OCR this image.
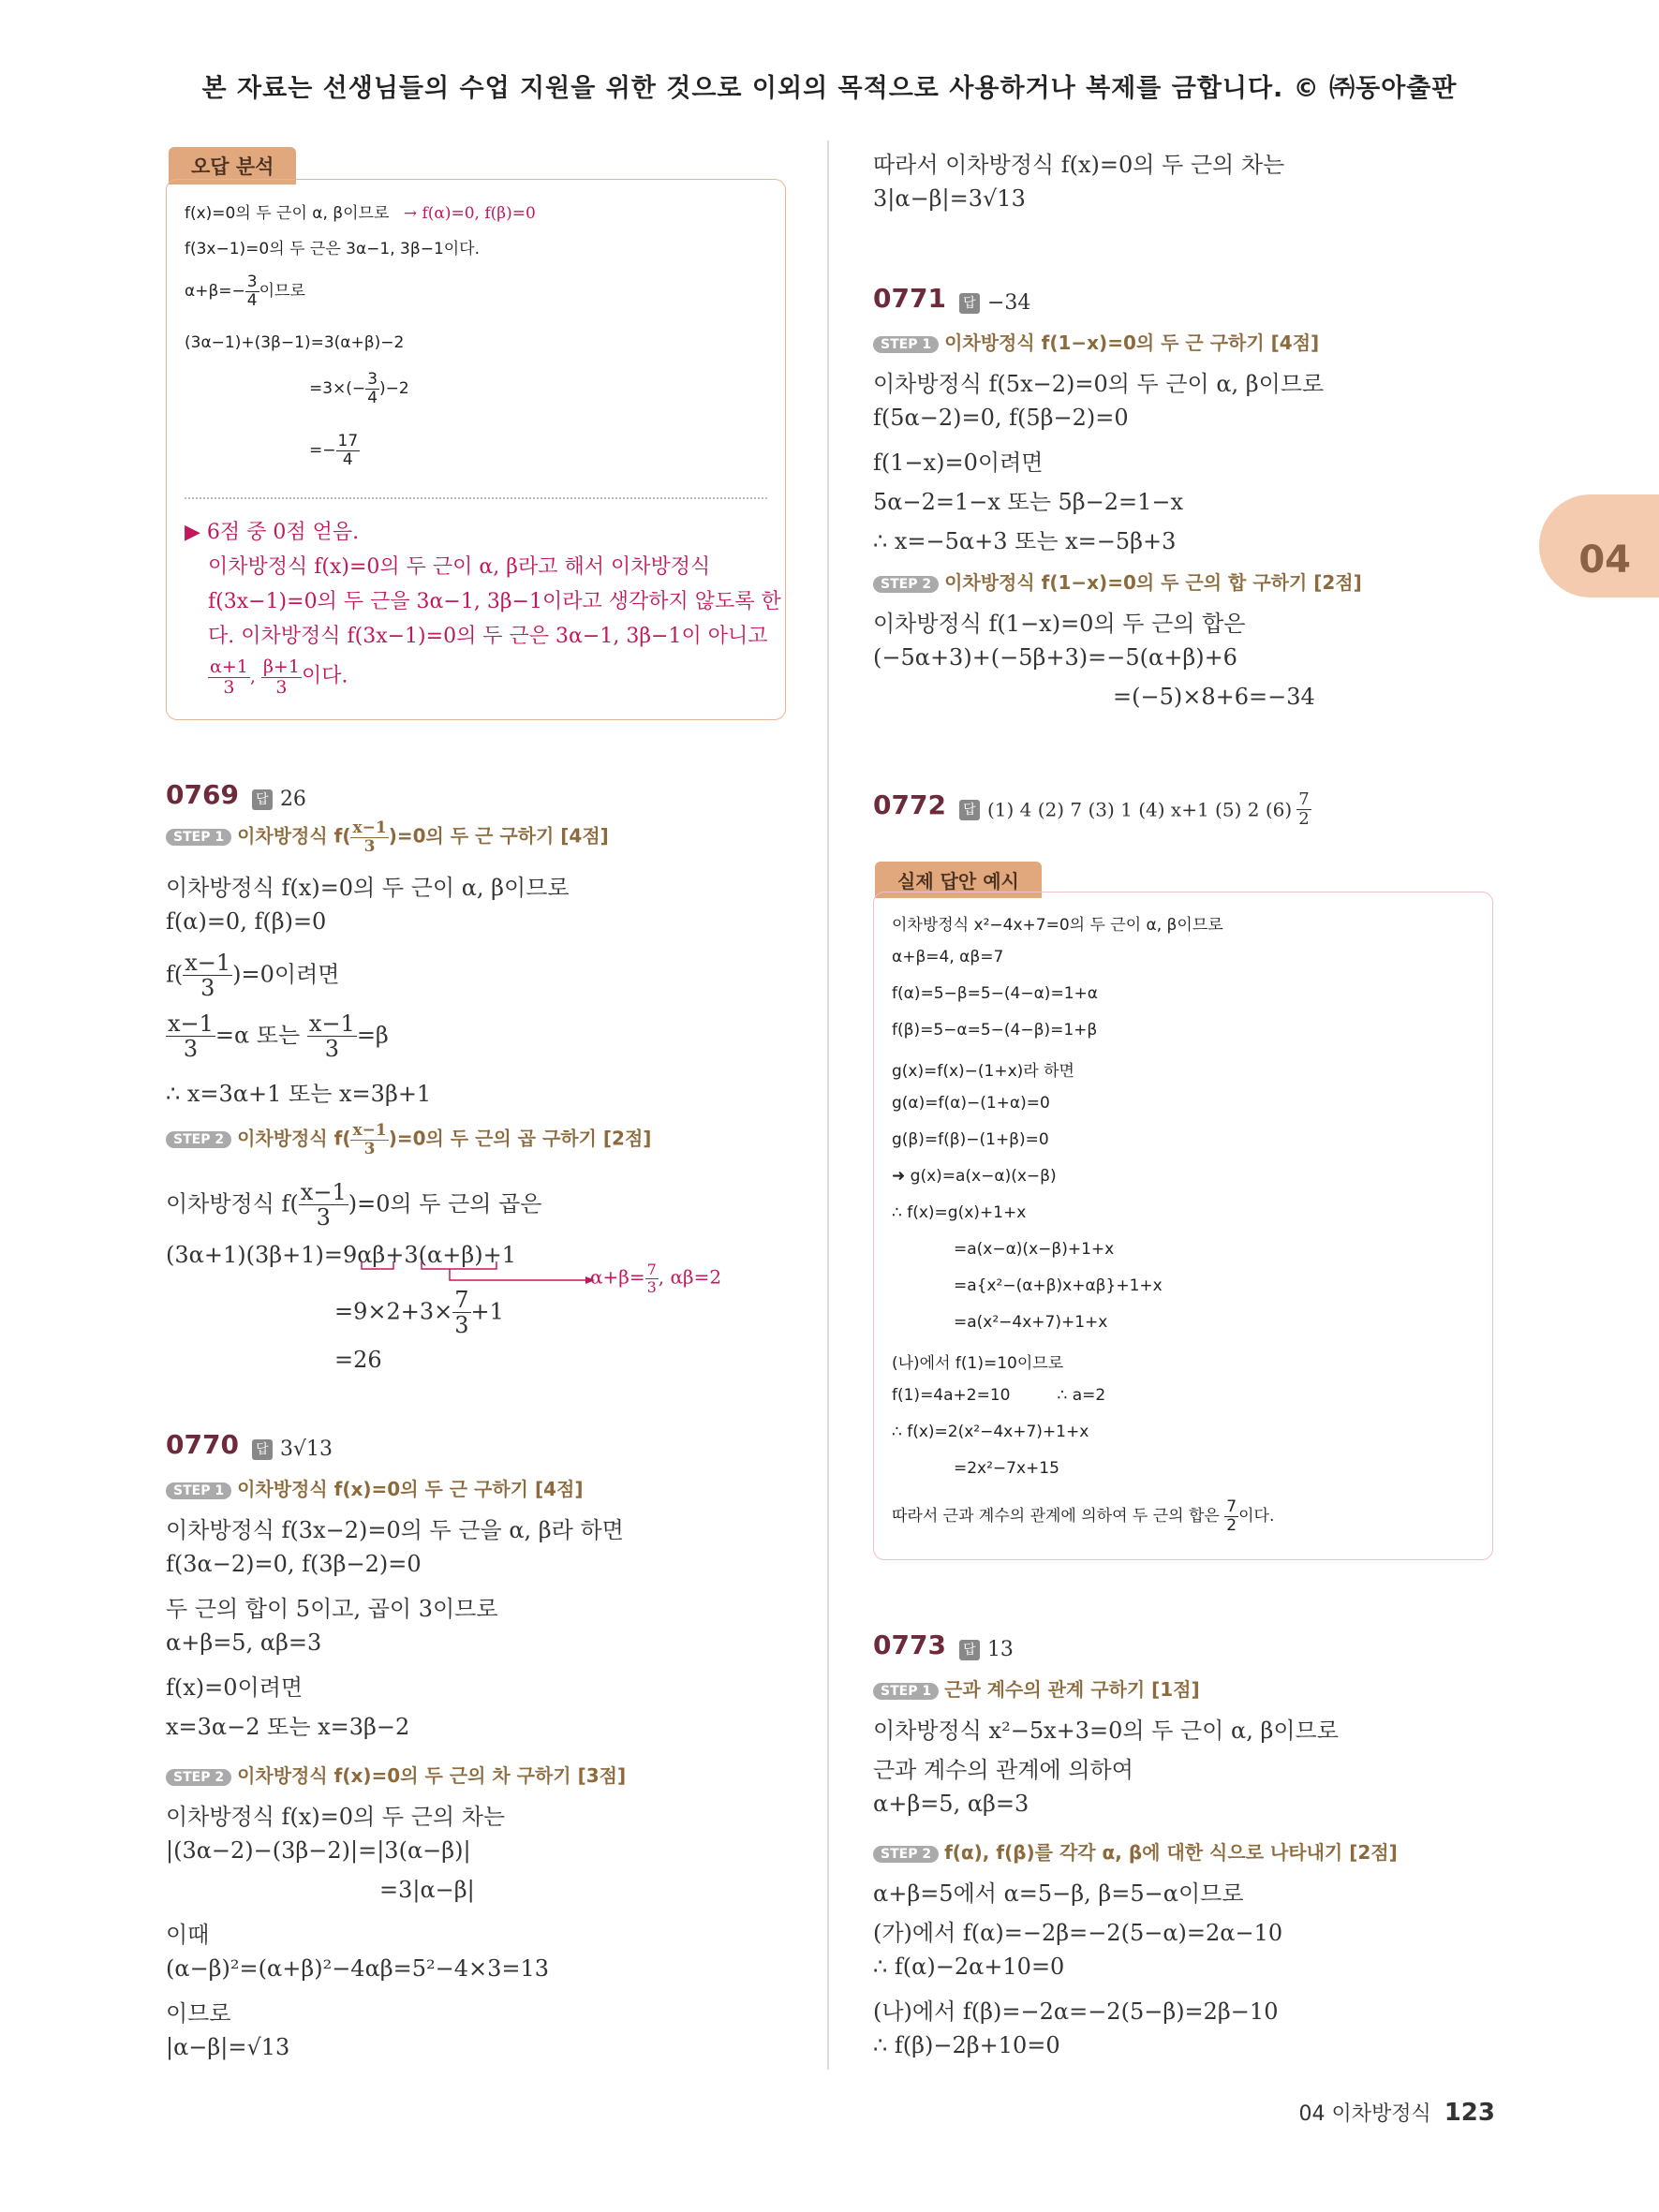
본 자료는 선생님들의 수업 지원을 위한 것으로 이외의 목적으로 사용하거나 복제를 금합니다. © ㈜동아출판
04
오답 분석
f(x)=0의 두 근이 α, β이므로 → f(α)=0, f(β)=0
f(3x−1)=0의 두 근은 3α−1, 3β−1이다.
$\alpha+\beta=- \frac{3}{4}$ 이므로
(3α−1)+(3β−1)=3(α+β)−2
$=3\times(- \frac{3}{4} )-2$
=− $\frac{17}{4}$
▶ 6점 중 0점 얻음.
이차방정식 f(x)=0의 두 근이 α, β라고 해서 이차방정식
f(3x−1)=0의 두 근을 3α−1, 3β−1이라고 생각하지 않도록 한
다. 이차방정식 f(3x−1)=0의 두 근은 3α−1, 3β−1이 아니고
$\frac{\alpha+1}{3}$ , $\frac{\beta+1}{3}$ 이다.
0769 답 26
STEP 1 이차방정식 $f( \frac{x-1}{3} )=0$의 두 근 구하기 [4점]
이차방정식 f(x)=0의 두 근이 α, β이므로
f(α)=0, f(β)=0
$f( \frac{x-1}{3} )=0$이려면
$\frac{x-1}{3} =\alpha$ 또는 $\frac{x-1}{3} =\beta$
∴ x=3α+1 또는 x=3β+1
STEP 2 이차방정식 $f( \frac{x-1}{3} )=0$의 두 근의 곱 구하기 [2점]
이차방정식 $f( \frac{x-1}{3} )=0$의 두 근의 곱은
(3α+1)(3β+1)=9αβ+3(α+β)+1
$\alpha+\beta= \frac{7}{3}$ , αβ=2
$=9\times 2+3\times \frac{7}{3} +1$
=26
0770 답 3√13
STEP 1 이차방정식 f(x)=0의 두 근 구하기 [4점]
이차방정식 f(3x−2)=0의 두 근을 α, β라 하면
f(3α−2)=0, f(3β−2)=0
두 근의 합이 5이고, 곱이 3이므로
α+β=5, αβ=3
f(x)=0이려면
x=3α−2 또는 x=3β−2
STEP 2 이차방정식 f(x)=0의 두 근의 차 구하기 [3점]
이차방정식 f(x)=0의 두 근의 차는
|(3α−2)−(3β−2)|=|3(α−β)|
=3|α−β|
이때
(α−β)²=(α+β)²−4αβ=5²−4×3=13
이므로
|α−β|=√13
따라서 이차방정식 f(x)=0의 두 근의 차는
3|α−β|=3√13
0771 답 −34
STEP 1 이차방정식 f(1−x)=0의 두 근 구하기 [4점]
이차방정식 f(5x−2)=0의 두 근이 α, β이므로
f(5α−2)=0, f(5β−2)=0
f(1−x)=0이려면
5α−2=1−x 또는 5β−2=1−x
∴ x=−5α+3 또는 x=−5β+3
STEP 2 이차방정식 f(1−x)=0의 두 근의 합 구하기 [2점]
이차방정식 f(1−x)=0의 두 근의 합은
(−5α+3)+(−5β+3)=−5(α+β)+6
=(−5)×8+6=−34
0772 답 (1) 4 (2) 7 (3) 1 (4) x+1 (5) 2 $(6) \frac{7}{2}$
실제 답안 예시
이차방정식 x²−4x+7=0의 두 근이 α, β이므로
α+β=4, αβ=7
f(α)=5−β=5−(4−α)=1+α
f(β)=5−α=5−(4−β)=1+β
g(x)=f(x)−(1+x)라 하면
g(α)=f(α)−(1+α)=0
g(β)=f(β)−(1+β)=0
➜ g(x)=a(x−α)(x−β)
∴ f(x)=g(x)+1+x
=a(x−α)(x−β)+1+x
=a{x²−(α+β)x+αβ}+1+x
=a(x²−4x+7)+1+x
(나)에서 f(1)=10이므로
f(1)=4a+2=10	∴ a=2
∴ f(x)=2(x²−4x+7)+1+x
=2x²−7x+15
따라서 근과 계수의 관계에 의하여 두 근의 합은 $\frac{7}{2}$ 이다.
0773 답 13
STEP 1 근과 계수의 관계 구하기 [1점]
이차방정식 x²−5x+3=0의 두 근이 α, β이므로
근과 계수의 관계에 의하여
α+β=5, αβ=3
STEP 2 f(α), f(β)를 각각 α, β에 대한 식으로 나타내기 [2점]
α+β=5에서 α=5−β, β=5−α이므로
(가)에서 f(α)=−2β=−2(5−α)=2α−10
∴ f(α)−2α+10=0
(나)에서 f(β)=−2α=−2(5−β)=2β−10
∴ f(β)−2β+10=0
04 이차방정식 123
